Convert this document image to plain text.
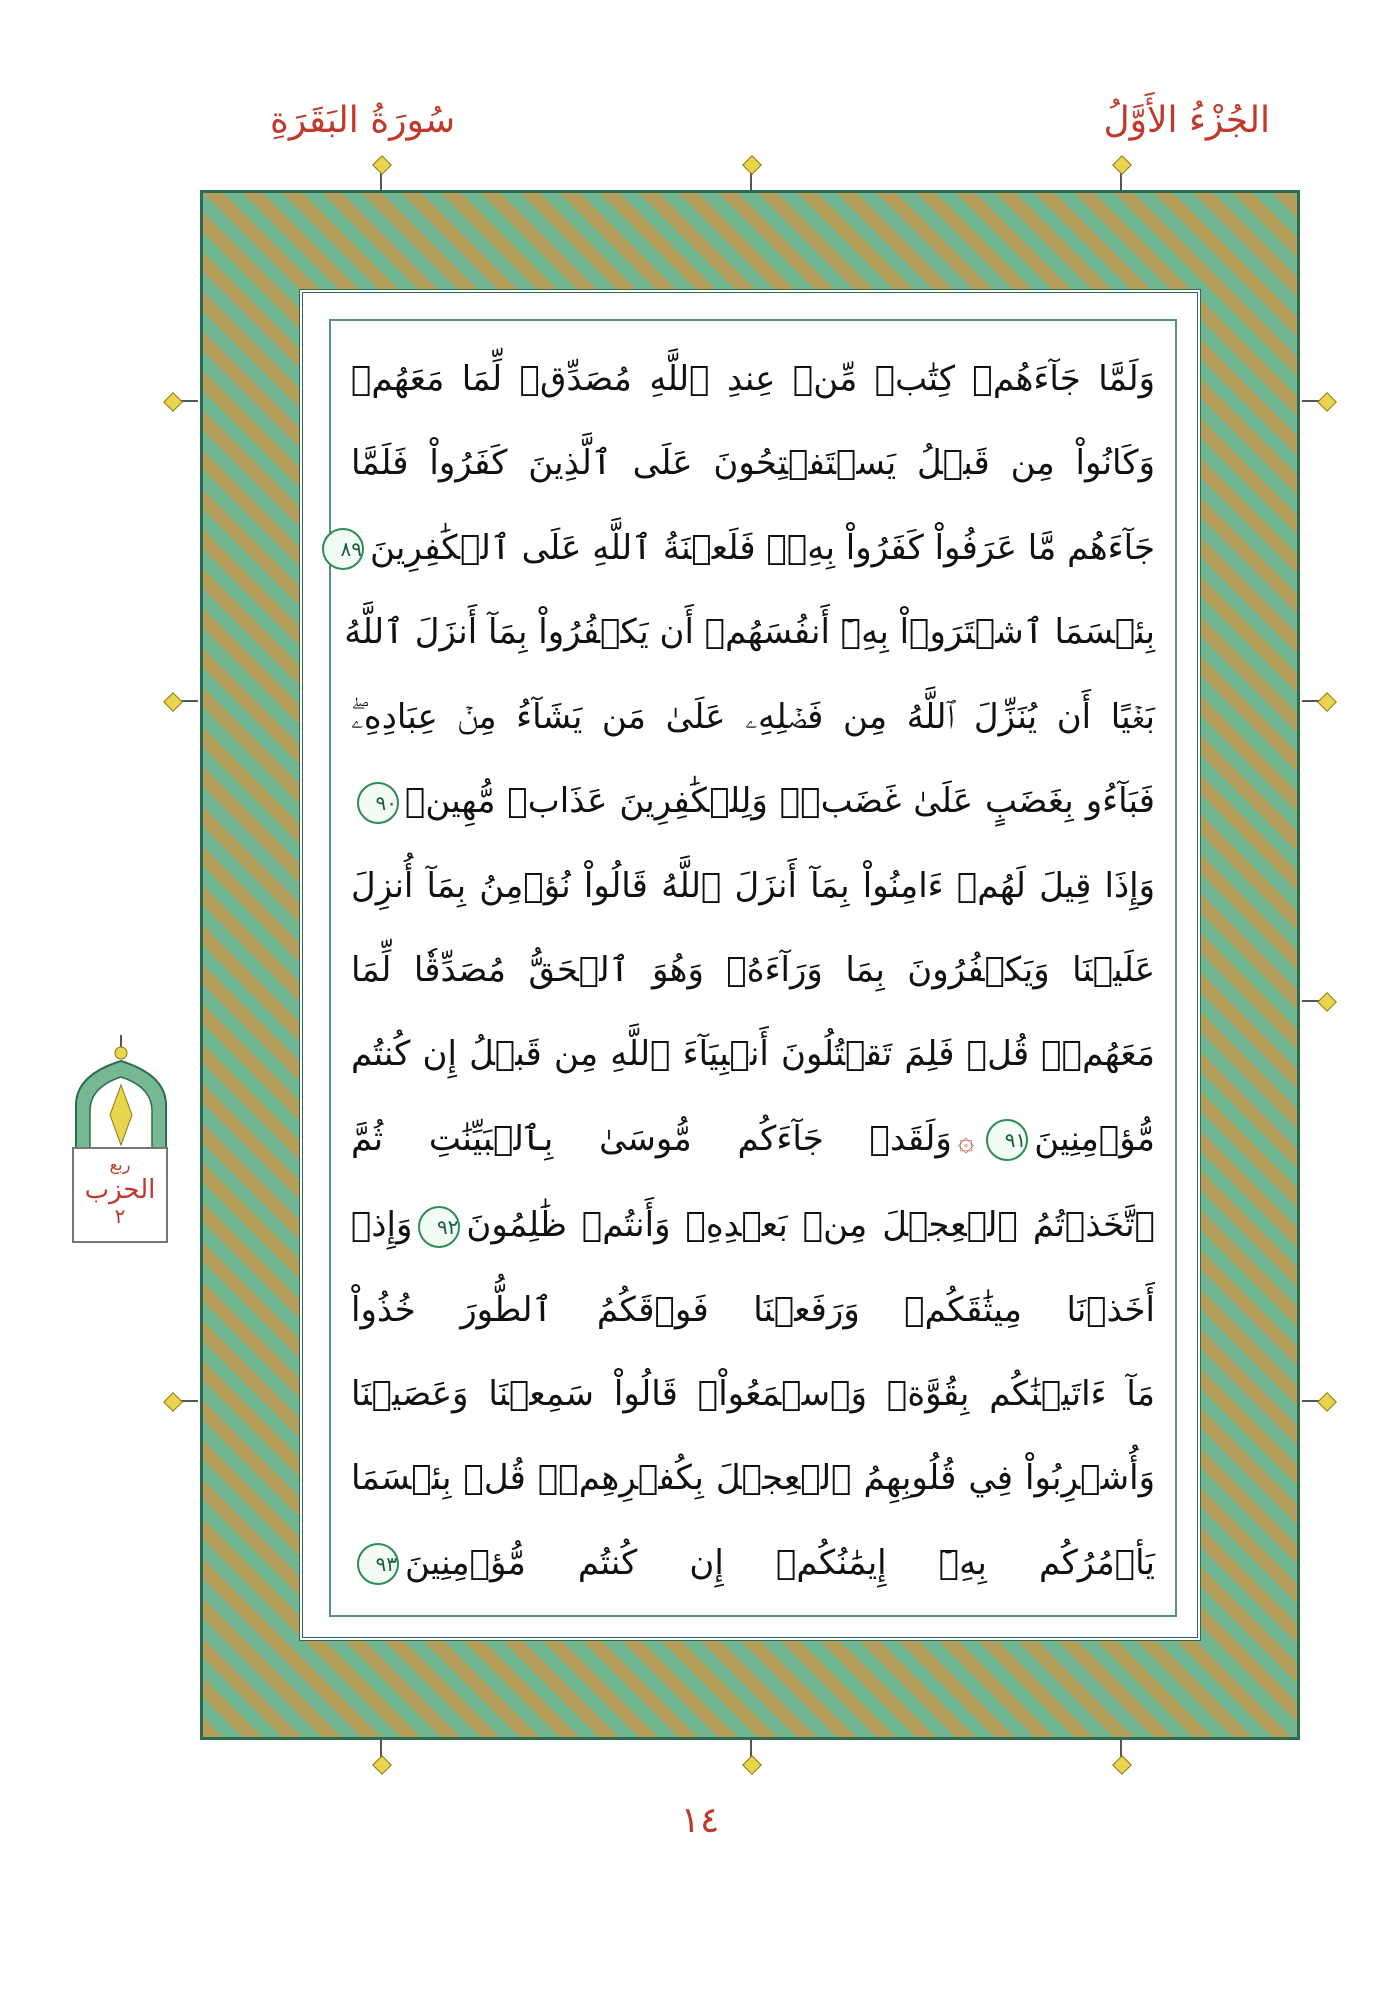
الجُزْءُ الأَوَّلُ
سُورَةُ البَقَرَةِ
وَلَمَّا جَآءَهُمۡ كِتَٰبٞ مِّنۡ عِندِ ٱللَّهِ مُصَدِّقٞ لِّمَا مَعَهُمۡ
وَكَانُواْ مِن قَبۡلُ يَسۡتَفۡتِحُونَ عَلَى ٱلَّذِينَ كَفَرُواْ فَلَمَّا
جَآءَهُم مَّا عَرَفُواْ كَفَرُواْ بِهِۦۚ فَلَعۡنَةُ ٱللَّهِ عَلَى ٱلۡكَٰفِرِينَ٨٩
بِئۡسَمَا ٱشۡتَرَوۡاْ بِهِۦٓ أَنفُسَهُمۡ أَن يَكۡفُرُواْ بِمَآ أَنزَلَ ٱللَّهُ
بَغۡيًا أَن يُنَزِّلَ ٱللَّهُ مِن فَضۡلِهِۦ عَلَىٰ مَن يَشَآءُ مِنۡ عِبَادِهِۦۖ
فَبَآءُو بِغَضَبٍ عَلَىٰ غَضَبٖۚ وَلِلۡكَٰفِرِينَ عَذَابٞ مُّهِينٞ٩٠
وَإِذَا قِيلَ لَهُمۡ ءَامِنُواْ بِمَآ أَنزَلَ ٱللَّهُ قَالُواْ نُؤۡمِنُ بِمَآ أُنزِلَ
عَلَيۡنَا وَيَكۡفُرُونَ بِمَا وَرَآءَهُۥ وَهُوَ ٱلۡحَقُّ مُصَدِّقٗا لِّمَا
مَعَهُمۡۗ قُلۡ فَلِمَ تَقۡتُلُونَ أَنۢبِيَآءَ ٱللَّهِ مِن قَبۡلُ إِن كُنتُم
مُّؤۡمِنِينَ٩١۞وَلَقَدۡ جَآءَكُم مُّوسَىٰ بِٱلۡبَيِّنَٰتِ ثُمَّ
ٱتَّخَذۡتُمُ ٱلۡعِجۡلَ مِنۢ بَعۡدِهِۦ وَأَنتُمۡ ظَٰلِمُونَ٩٢وَإِذۡ
أَخَذۡنَا مِيثَٰقَكُمۡ وَرَفَعۡنَا فَوۡقَكُمُ ٱلطُّورَ خُذُواْ
مَآ ءَاتَيۡنَٰكُم بِقُوَّةٖ وَٱسۡمَعُواْۖ قَالُواْ سَمِعۡنَا وَعَصَيۡنَا
وَأُشۡرِبُواْ فِي قُلُوبِهِمُ ٱلۡعِجۡلَ بِكُفۡرِهِمۡۚ قُلۡ بِئۡسَمَا
يَأۡمُرُكُم بِهِۦٓ إِيمَٰنُكُمۡ إِن كُنتُم مُّؤۡمِنِينَ٩٣
ربع
الحزب
٢
١٤
